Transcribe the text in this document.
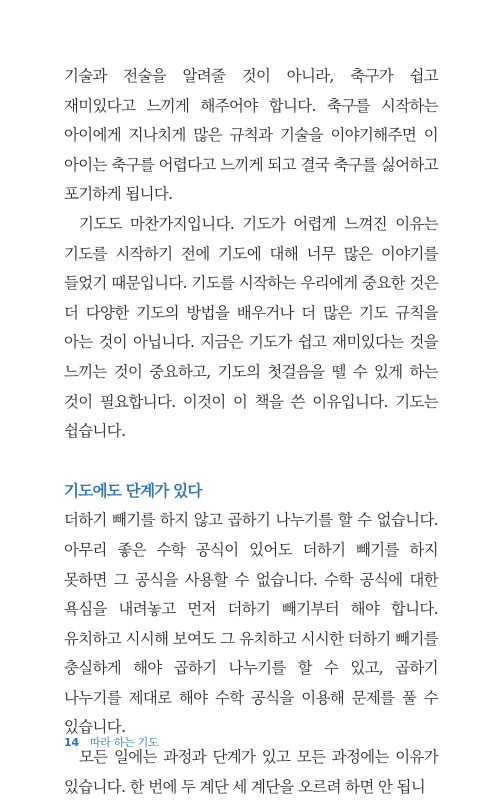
기술과 전술을 알려줄 것이 아니라, 축구가 쉽고 재미있다고 느끼게 해주어야 합니다. 축구를 시작하는 아이에게 지나치게 많은 규칙과 기술을 이야기해주면 이 아이는 축구를 어렵다고 느끼게 되고 결국 축구를 싫어하고 포기하게 됩니다.

기도도 마찬가지입니다. 기도가 어렵게 느껴진 이유는 기도를 시작하기 전에 기도에 대해 너무 많은 이야기를 들었기 때문입니다. 기도를 시작하는 우리에게 중요한 것은 더 다양한 기도의 방법을 배우거나 더 많은 기도 규칙을 아는 것이 아닙니다. 지금은 기도가 쉽고 재미있다는 것을 느끼는 것이 중요하고, 기도의 첫걸음을 뗄 수 있게 하는 것이 필요합니다. 이것이 이 책을 쓴 이유입니다. 기도는 쉽습니다.

기도에도 단계가 있다

더하기 빼기를 하지 않고 곱하기 나누기를 할 수 없습니다. 아무리 좋은 수학 공식이 있어도 더하기 빼기를 하지 못하면 그 공식을 사용할 수 없습니다. 수학 공식에 대한 욕심을 내려놓고 먼저 더하기 빼기부터 해야 합니다. 유치하고 시시해 보여도 그 유치하고 시시한 더하기 빼기를 충실하게 해야 곱하기 나누기를 할 수 있고, 곱하기 나누기를 제대로 해야 수학 공식을 이용해 문제를 풀 수 있습니다.

모든 일에는 과정과 단계가 있고 모든 과정에는 이유가 있습니다. 한 번에 두 계단 세 계단을 오르려 하면 안 됩니

14 따라 하는 기도
